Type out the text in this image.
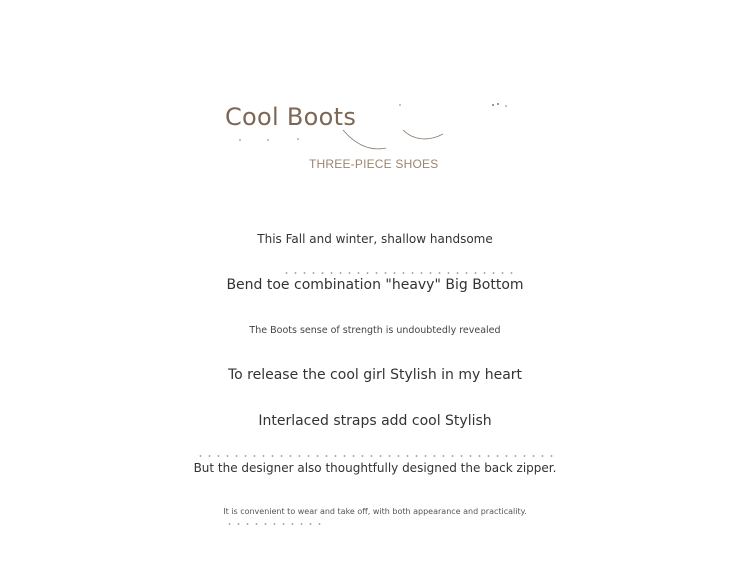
Cool Boots
THREE-PIECE SHOES
This Fall and winter, shallow handsome
Bend toe combination "heavy" Big Bottom
The Boots sense of strength is undoubtedly revealed
To release the cool girl Stylish in my heart
Interlaced straps add cool Stylish
But the designer also thoughtfully designed the back zipper.
It is convenient to wear and take off, with both appearance and practicality.
